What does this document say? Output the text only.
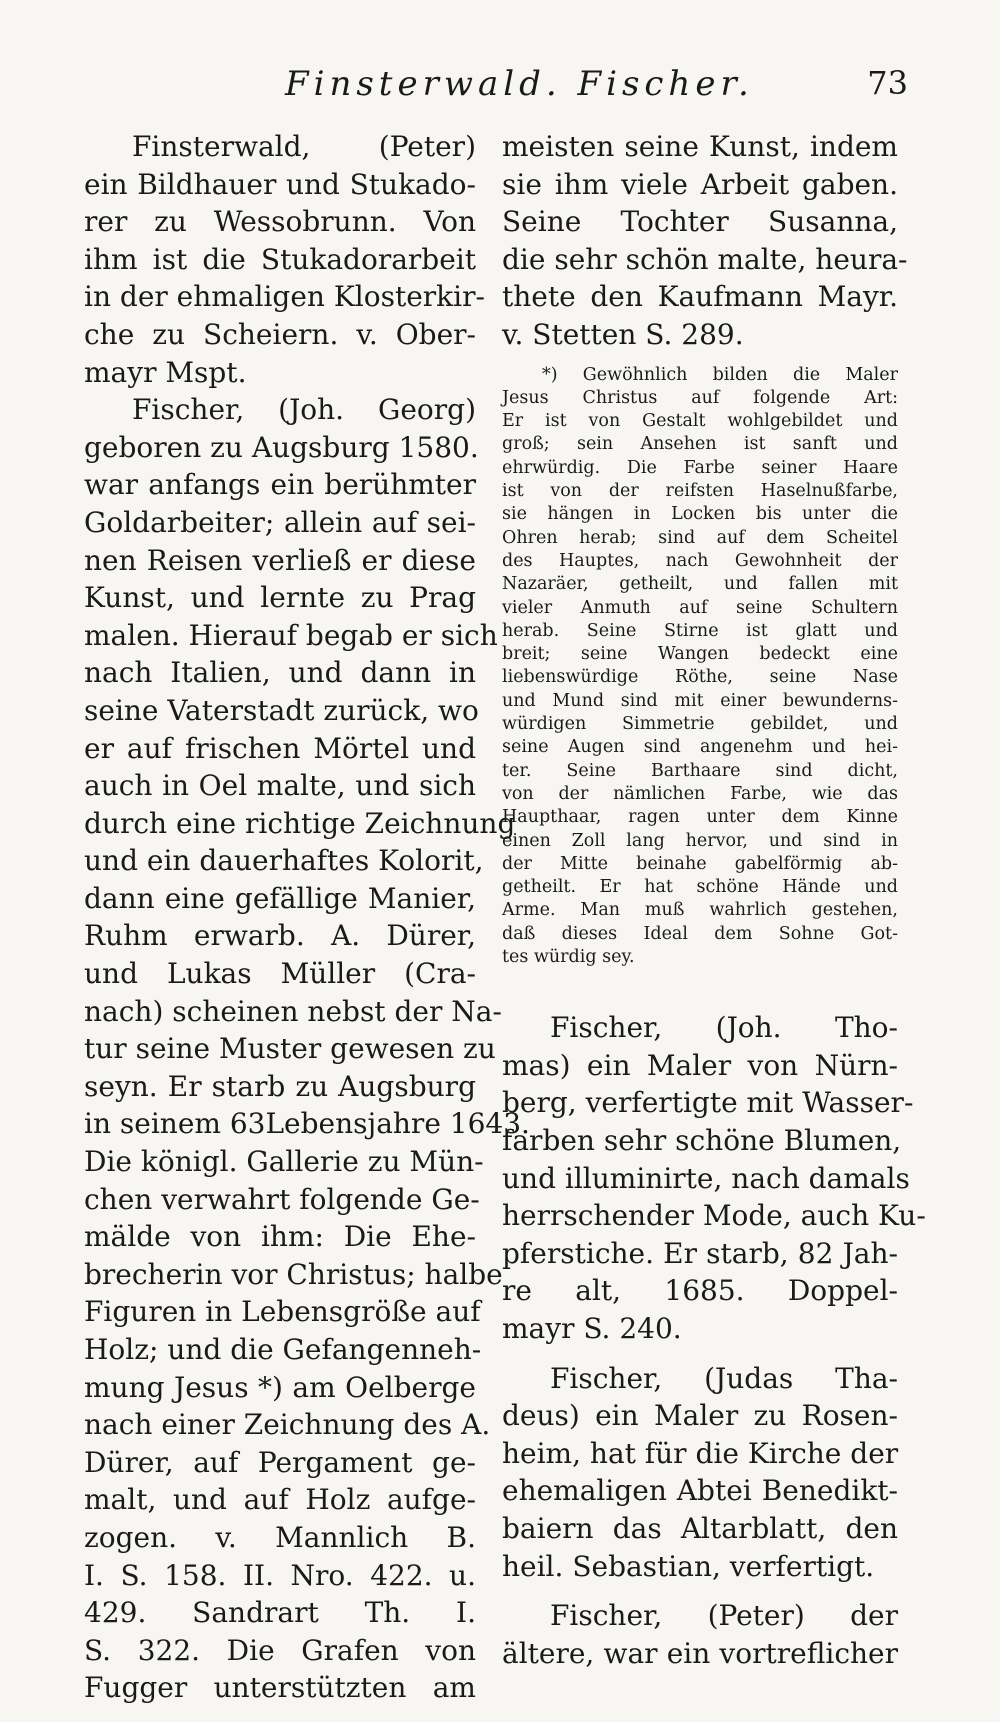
Finsterwald. Fischer.	73
Finsterwald, (Peter)
ein Bildhauer und Stukado-
rer zu Wessobrunn. Von
ihm ist die Stukadorarbeit
in der ehmaligen Klosterkir-
che zu Scheiern. v. Ober-
mayr Mspt.
Fischer, (Joh. Georg)
geboren zu Augsburg 1580.
war anfangs ein berühmter
Goldarbeiter; allein auf sei-
nen Reisen verließ er diese
Kunst, und lernte zu Prag
malen. Hierauf begab er sich
nach Italien, und dann in
seine Vaterstadt zurück, wo
er auf frischen Mörtel und
auch in Oel malte, und sich
durch eine richtige Zeichnung
und ein dauerhaftes Kolorit,
dann eine gefällige Manier,
Ruhm erwarb. A. Dürer,
und Lukas Müller (Cra-
nach) scheinen nebst der Na-
tur seine Muster gewesen zu
seyn. Er starb zu Augsburg
in seinem 63Lebensjahre 1643.
Die königl. Gallerie zu Mün-
chen verwahrt folgende Ge-
mälde von ihm: Die Ehe-
brecherin vor Christus; halbe
Figuren in Lebensgröße auf
Holz; und die Gefangenneh-
mung Jesus *) am Oelberge
nach einer Zeichnung des A.
Dürer, auf Pergament ge-
malt, und auf Holz aufge-
zogen. v. Mannlich B.
I. S. 158. II. Nro. 422. u.
429. Sandrart Th. I.
S. 322. Die Grafen von
Fugger unterstützten am
meisten seine Kunst, indem
sie ihm viele Arbeit gaben.
Seine Tochter Susanna,
die sehr schön malte, heura-
thete den Kaufmann Mayr.
v. Stetten S. 289.
*) Gewöhnlich bilden die Maler
Jesus Christus auf folgende Art:
Er ist von Gestalt wohlgebildet und
groß; sein Ansehen ist sanft und
ehrwürdig. Die Farbe seiner Haare
ist von der reifsten Haselnußfarbe,
sie hängen in Locken bis unter die
Ohren herab; sind auf dem Scheitel
des Hauptes, nach Gewohnheit der
Nazaräer, getheilt, und fallen mit
vieler Anmuth auf seine Schultern
herab. Seine Stirne ist glatt und
breit; seine Wangen bedeckt eine
liebenswürdige Röthe, seine Nase
und Mund sind mit einer bewunderns-
würdigen Simmetrie gebildet, und
seine Augen sind angenehm und hei-
ter. Seine Barthaare sind dicht,
von der nämlichen Farbe, wie das
Haupthaar, ragen unter dem Kinne
einen Zoll lang hervor, und sind in
der Mitte beinahe gabelförmig ab-
getheilt. Er hat schöne Hände und
Arme. Man muß wahrlich gestehen,
daß dieses Ideal dem Sohne Got-
tes würdig sey.
Fischer, (Joh. Tho-
mas) ein Maler von Nürn-
berg, verfertigte mit Wasser-
farben sehr schöne Blumen,
und illuminirte, nach damals
herrschender Mode, auch Ku-
pferstiche. Er starb, 82 Jah-
re alt, 1685. Doppel-
mayr S. 240.
Fischer, (Judas Tha-
deus) ein Maler zu Rosen-
heim, hat für die Kirche der
ehemaligen Abtei Benedikt-
baiern das Altarblatt, den
heil. Sebastian, verfertigt.
Fischer, (Peter) der
ältere, war ein vortreflicher
